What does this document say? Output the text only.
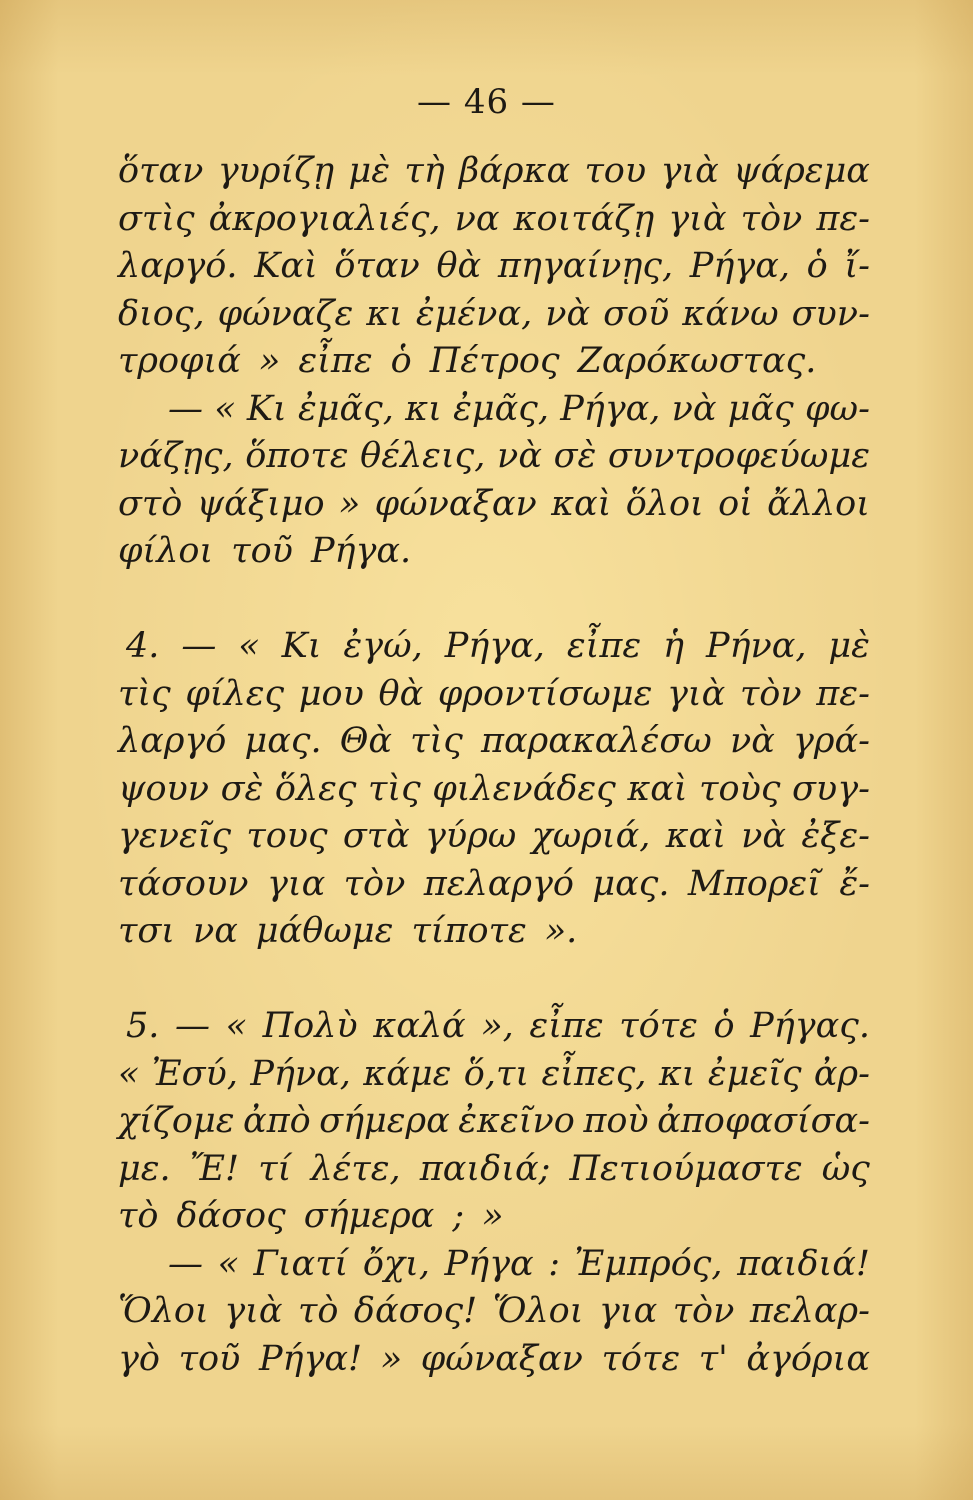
— 46 —
ὅταν γυρίζῃ μὲ τὴ βάρκα του γιὰ ψάρεμα
στὶς ἀκρογιαλιές, να κοιτάζῃ γιὰ τὸν πε-
λαργό. Καὶ ὅταν θὰ πηγαίνῃς, Ρήγα, ὁ ἴ-
διος, φώναζε κι ἐμένα, νὰ σοῦ κάνω συν-
τροφιά » εἶπε ὁ Πέτρος Ζαρόκωστας.
— « Κι ἐμᾶς, κι ἐμᾶς, Ρήγα, νὰ μᾶς φω-
νάζῃς, ὅποτε θέλεις, νὰ σὲ συντροφεύωμε
στὸ ψάξιμο » φώναξαν καὶ ὅλοι οἱ ἄλλοι
φίλοι τοῦ Ρήγα.
4. — « Κι ἐγώ, Ρήγα, εἶπε ἡ Ρήνα, μὲ
τὶς φίλες μου θὰ φροντίσωμε γιὰ τὸν πε-
λαργό μας. Θὰ τὶς παρακαλέσω νὰ γρά-
ψουν σὲ ὅλες τὶς φιλενάδες καὶ τοὺς συγ-
γενεῖς τους στὰ γύρω χωριά, καὶ νὰ ἐξε-
τάσουν για τὸν πελαργό μας. Μπορεῖ ἔ-
τσι να μάθωμε τίποτε ».
5. — « Πολὺ καλά », εἶπε τότε ὁ Ρήγας.
« Ἐσύ, Ρήνα, κάμε ὅ,τι εἶπες, κι ἐμεῖς ἀρ-
χίζομε ἀπὸ σήμερα ἐκεῖνο ποὺ ἀποφασίσα-
με. Ἔ! τί λέτε, παιδιά; Πετιούμαστε ὡς
τὸ δάσος σήμερα ; »
— « Γιατί ὄχι, Ρήγα : Ἐμπρός, παιδιά!
Ὅλοι γιὰ τὸ δάσος! Ὅλοι για τὸν πελαρ-
γὸ τοῦ Ρήγα! » φώναξαν τότε τ' ἀγόρια
